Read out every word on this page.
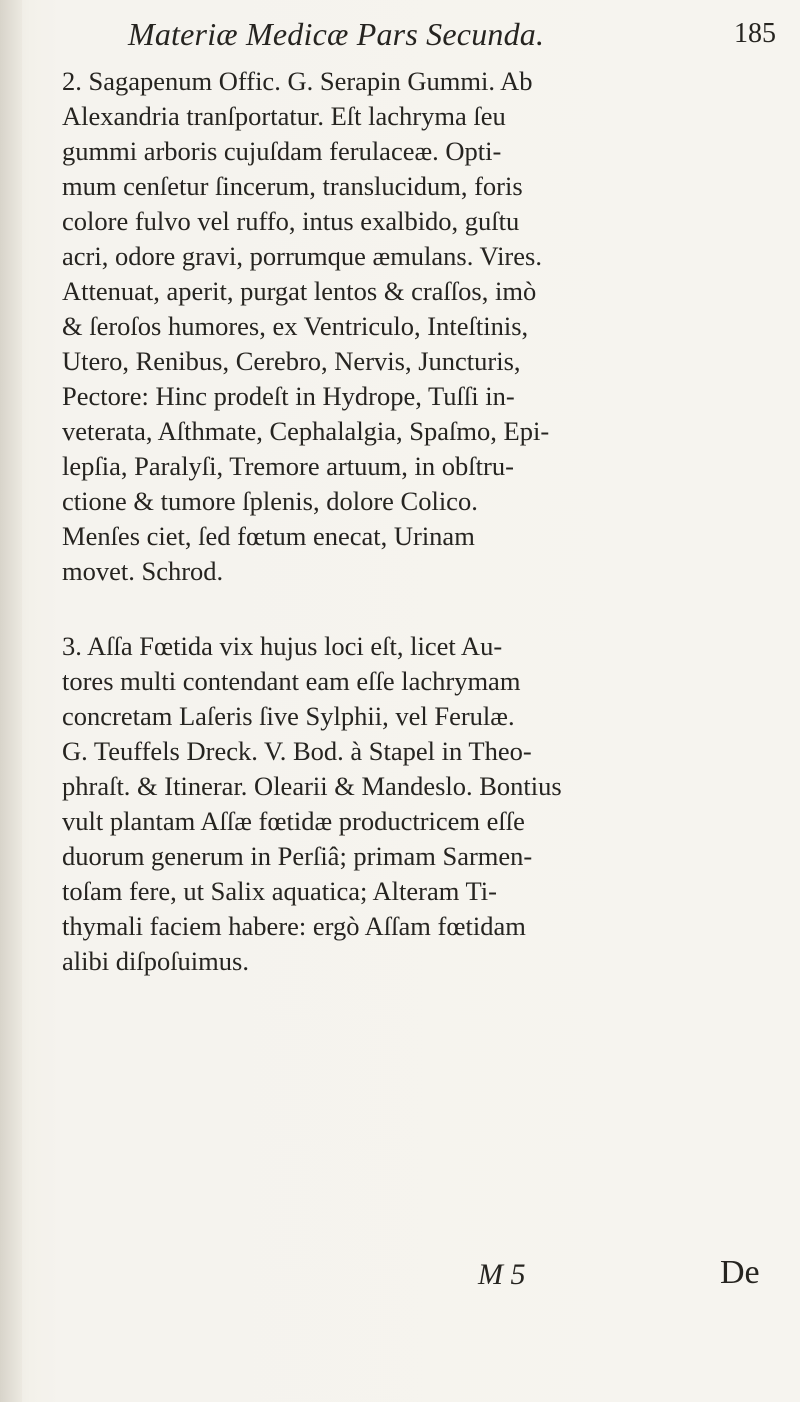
Materiæ Medicæ Pars Secunda.	185
2. Sagapenum Offic. G. Serapin Gummi. Ab
Alexandria tranſportatur. Eſt lachryma ſeu
gummi arboris cujuſdam ferulaceæ. Opti-
mum cenſetur ſincerum, translucidum, foris
colore fulvo vel ruffo, intus exalbido, guſtu
acri, odore gravi, porrumque æmulans. Vires.
Attenuat, aperit, purgat lentos & craſſos, imò
& ſeroſos humores, ex Ventriculo, Inteſtinis,
Utero, Renibus, Cerebro, Nervis, Juncturis,
Pectore: Hinc prodeſt in Hydrope, Tuſſi in-
veterata, Aſthmate, Cephalalgia, Spaſmo, Epi-
lepſia, Paralyſi, Tremore artuum, in obſtru-
ctione & tumore ſplenis, dolore Colico.
Menſes ciet, ſed fœtum enecat, Urinam
movet. Schrod.
3. Aſſa Fœtida vix hujus loci eſt, licet Au-
tores multi contendant eam eſſe lachrymam
concretam Laſeris ſive Sylphii, vel Ferulæ.
G. Teuffels Dreck. V. Bod. à Stapel in Theo-
phraſt. & Itinerar. Olearii & Mandeslo. Bontius
vult plantam Aſſæ fœtidæ productricem eſſe
duorum generum in Perſiâ; primam Sarmen-
toſam fere, ut Salix aquatica; Alteram Ti-
thymali faciem habere: ergò Aſſam fœtidam
alibi diſpoſuimus.
M 5	De
